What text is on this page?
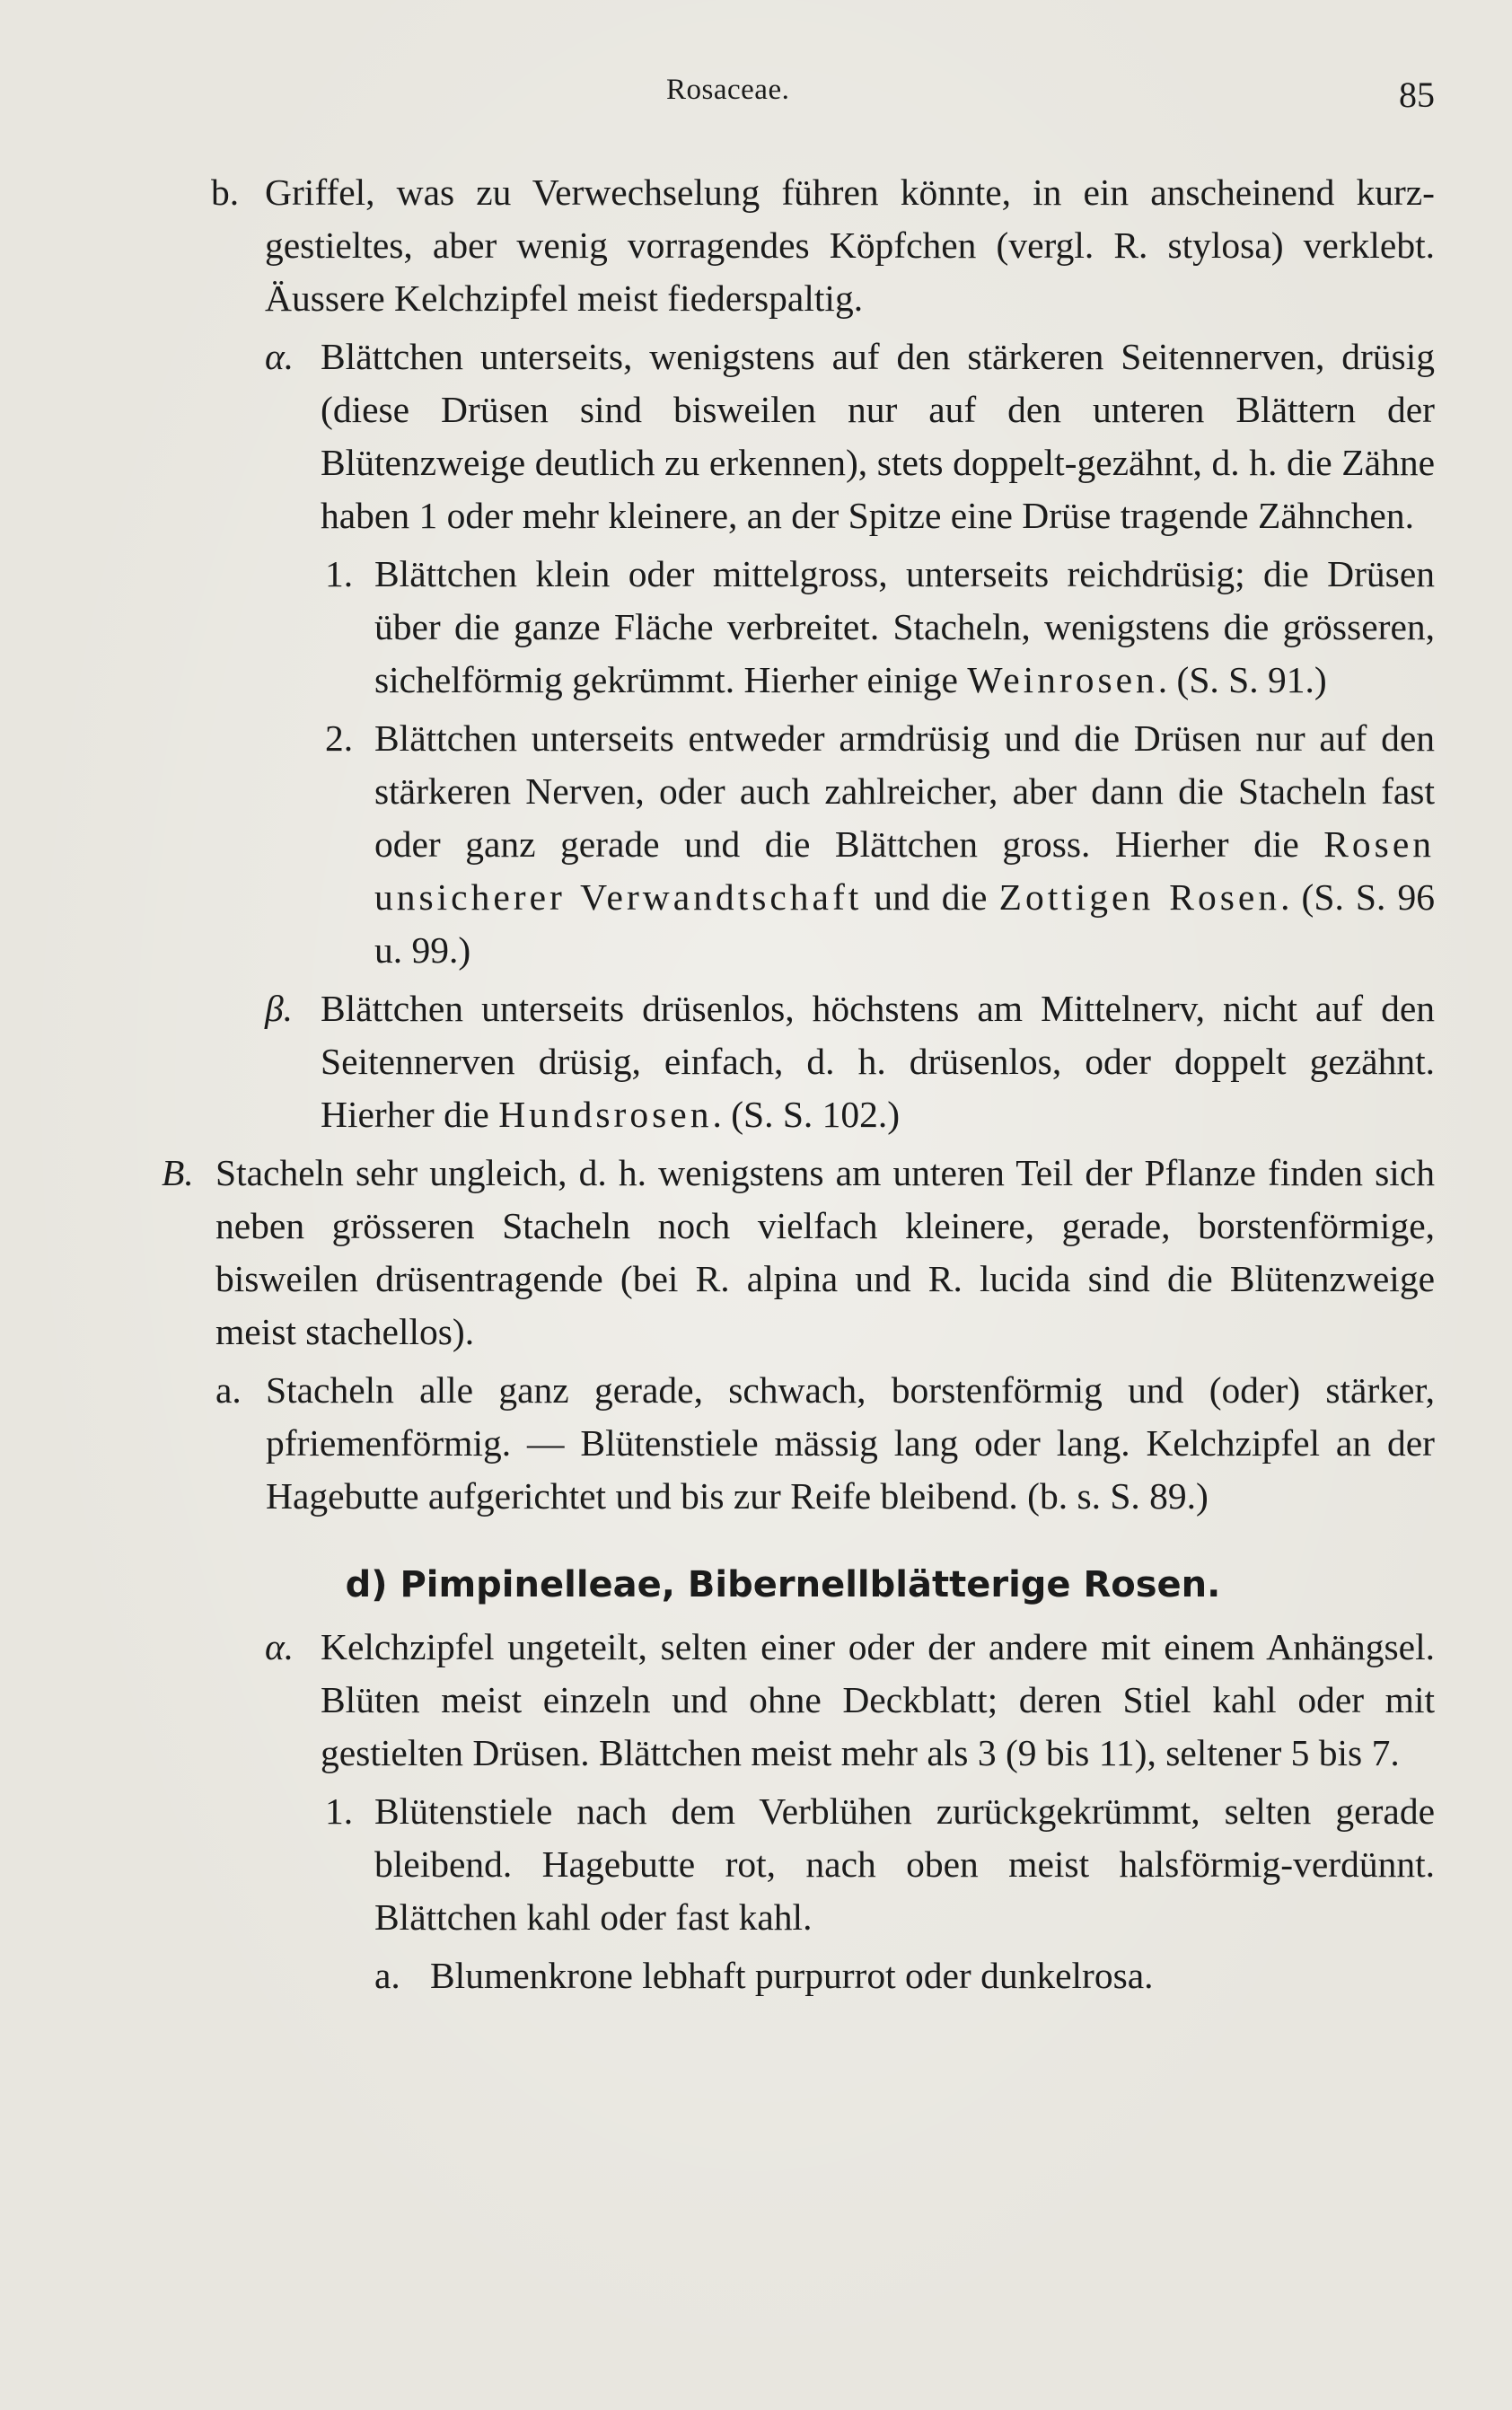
Rosaceae.	85
b. Griffel, was zu Verwechselung führen könnte, in ein anscheinend kurz-gestieltes, aber wenig vorragendes Köpfchen (vergl. R. stylosa) verklebt. Äussere Kelchzipfel meist fiederspaltig.
α. Blättchen unterseits, wenigstens auf den stärkeren Seitennerven, drüsig (diese Drüsen sind bisweilen nur auf den unteren Blättern der Blütenzweige deutlich zu erkennen), stets doppelt-gezähnt, d. h. die Zähne haben 1 oder mehr kleinere, an der Spitze eine Drüse tragende Zähnchen.
1. Blättchen klein oder mittelgross, unterseits reichdrüsig; die Drüsen über die ganze Fläche verbreitet. Stacheln, wenigstens die grösseren, sichelförmig gekrümmt. Hierher einige Weinrosen. (S. S. 91.)
2. Blättchen unterseits entweder armdrüsig und die Drüsen nur auf den stärkeren Nerven, oder auch zahlreicher, aber dann die Stacheln fast oder ganz gerade und die Blättchen gross. Hierher die Rosen unsicherer Verwandtschaft und die Zottigen Rosen. (S. S. 96 u. 99.)
β. Blättchen unterseits drüsenlos, höchstens am Mittelnerv, nicht auf den Seitennerven drüsig, einfach, d. h. drüsenlos, oder doppelt gezähnt. Hierher die Hundsrosen. (S. S. 102.)
B. Stacheln sehr ungleich, d. h. wenigstens am unteren Teil der Pflanze finden sich neben grösseren Stacheln noch vielfach kleinere, gerade, borstenförmige, bisweilen drüsentragende (bei R. alpina und R. lucida sind die Blütenzweige meist stachellos).
a. Stacheln alle ganz gerade, schwach, borstenförmig und (oder) stärker, pfriemenförmig. — Blütenstiele mässig lang oder lang. Kelchzipfel an der Hagebutte aufgerichtet und bis zur Reife bleibend. (b. s. S. 89.)
d) Pimpinelleae, Bibernellblätterige Rosen.
α. Kelchzipfel ungeteilt, selten einer oder der andere mit einem Anhängsel. Blüten meist einzeln und ohne Deckblatt; deren Stiel kahl oder mit gestielten Drüsen. Blättchen meist mehr als 3 (9 bis 11), seltener 5 bis 7.
1. Blütenstiele nach dem Verblühen zurückgekrümmt, selten gerade bleibend. Hagebutte rot, nach oben meist halsförmig-verdünnt. Blättchen kahl oder fast kahl.
a. Blumenkrone lebhaft purpurrot oder dunkelrosa.
